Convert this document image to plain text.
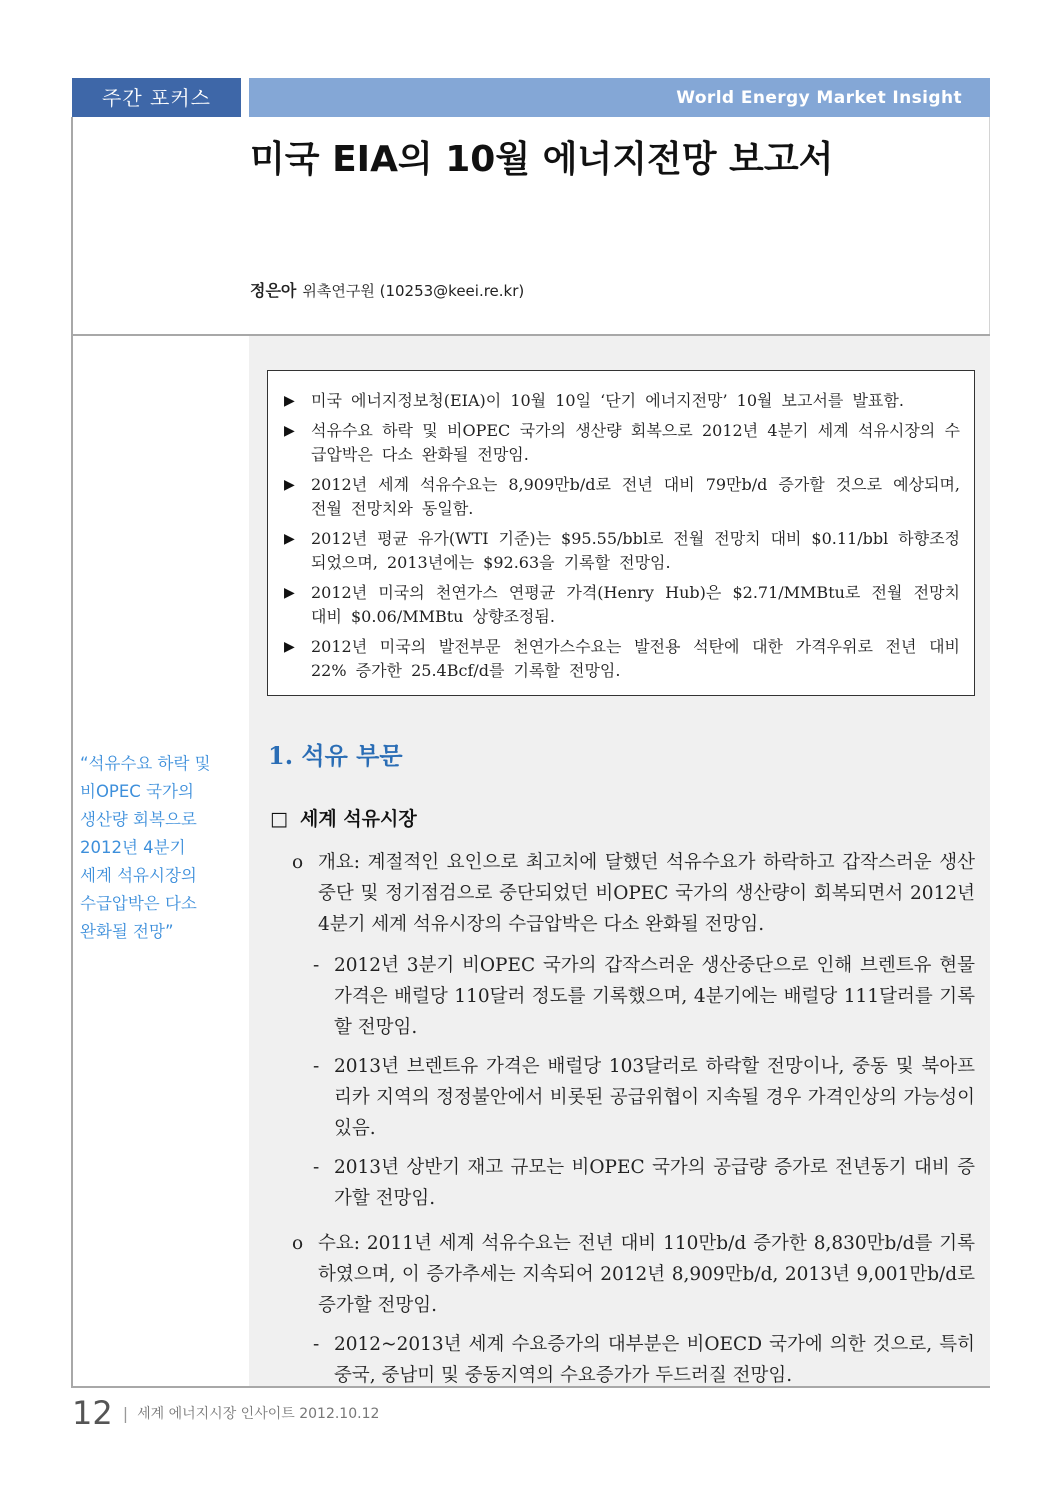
주간 포커스	World Energy Market Insight
미국 EIA의 10월 에너지전망 보고서
정은아 위촉연구원 (10253@keei.re.kr)
“석유수요 하락 및
비OPEC 국가의
생산량 회복으로
2012년 4분기
세계 석유시장의
수급압박은 다소
완화될 전망”
▶	미국 에너지정보청(EIA)이 10월 10일 ‘단기 에너지전망’ 10월 보고서를 발표함.
▶	석유수요 하락 및 비OPEC 국가의 생산량 회복으로 2012년 4분기 세계 석유시장의 수급압박은 다소 완화될 전망임.
▶	2012년 세계 석유수요는 8,909만b/d로 전년 대비 79만b/d 증가할 것으로 예상되며, 전월 전망치와 동일함.
▶	2012년 평균 유가(WTI 기준)는 $95.55/bbl로 전월 전망치 대비 $0.11/bbl 하향조정되었으며, 2013년에는 $92.63을 기록할 전망임.
▶	2012년 미국의 천연가스 연평균 가격(Henry Hub)은 $2.71/MMBtu로 전월 전망치 대비 $0.06/MMBtu 상향조정됨.
▶	2012년 미국의 발전부문 천연가스수요는 발전용 석탄에 대한 가격우위로 전년 대비 22% 증가한 25.4Bcf/d를 기록할 전망임.
1. 석유 부문
□ 세계 석유시장
o 개요: 계절적인 요인으로 최고치에 달했던 석유수요가 하락하고 갑작스러운 생산중단 및 정기점검으로 중단되었던 비OPEC 국가의 생산량이 회복되면서 2012년 4분기 세계 석유시장의 수급압박은 다소 완화될 전망임.
- 2012년 3분기 비OPEC 국가의 갑작스러운 생산중단으로 인해 브렌트유 현물가격은 배럴당 110달러 정도를 기록했으며, 4분기에는 배럴당 111달러를 기록할 전망임.
- 2013년 브렌트유 가격은 배럴당 103달러로 하락할 전망이나, 중동 및 북아프리카 지역의 정정불안에서 비롯된 공급위협이 지속될 경우 가격인상의 가능성이 있음.
- 2013년 상반기 재고 규모는 비OPEC 국가의 공급량 증가로 전년동기 대비 증가할 전망임.
o 수요: 2011년 세계 석유수요는 전년 대비 110만b/d 증가한 8,830만b/d를 기록하였으며, 이 증가추세는 지속되어 2012년 8,909만b/d, 2013년 9,001만b/d로 증가할 전망임.
- 2012~2013년 세계 수요증가의 대부분은 비OECD 국가에 의한 것으로, 특히 중국, 중남미 및 중동지역의 수요증가가 두드러질 전망임.
12 | 세계 에너지시장 인사이트 2012.10.12
